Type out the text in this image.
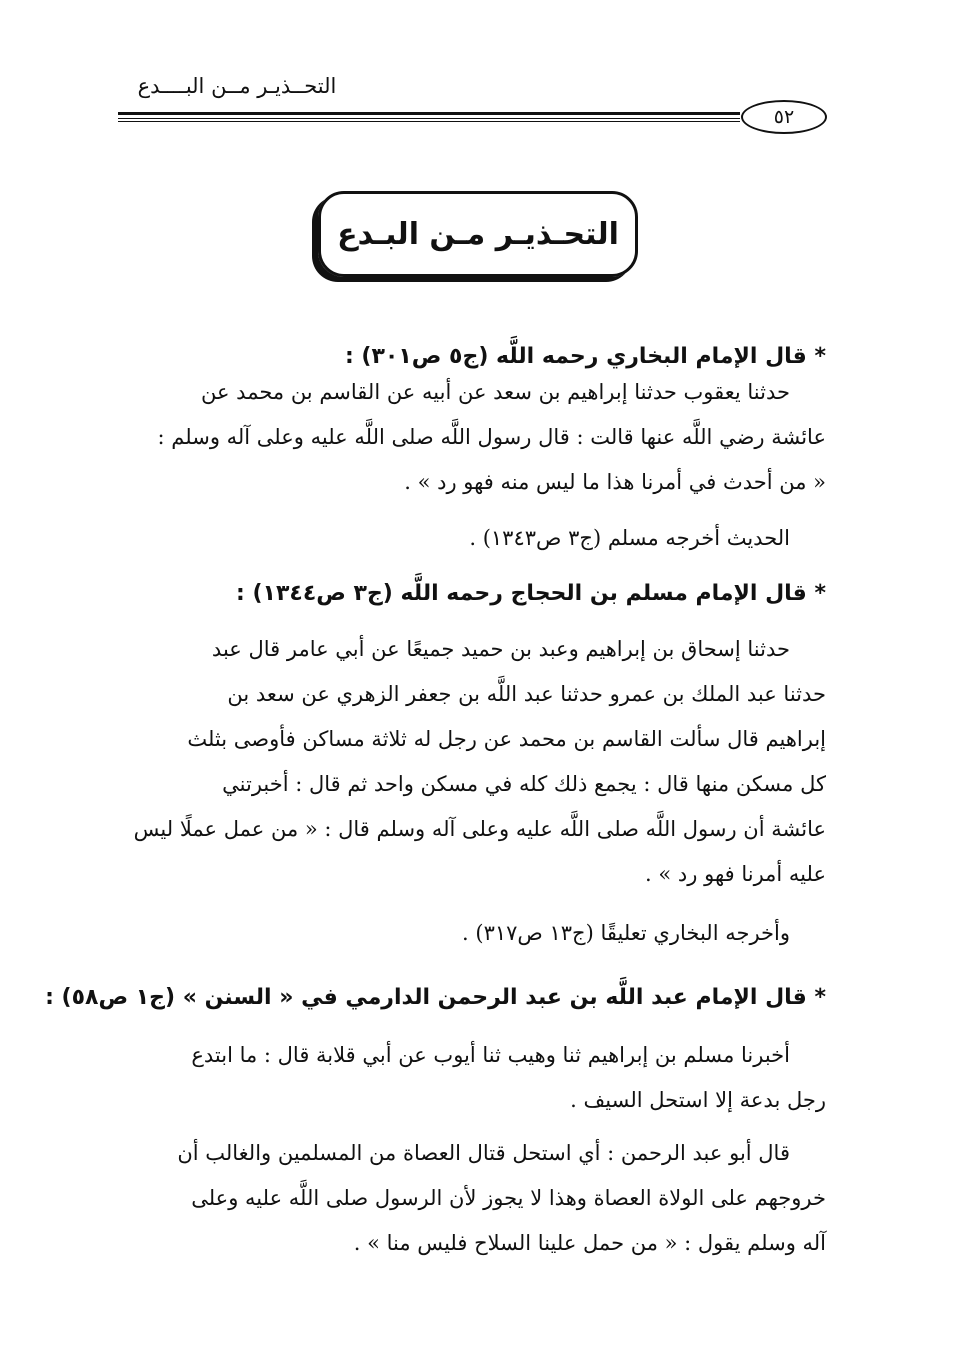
التحــذيـر مــن البــــدع
٥٢
التحـذيـر مـن البـدع
* قال الإمام البخاري رحمه اللَّه (ج٥ ص٣٠١) :
حدثنا يعقوب حدثنا إبراهيم بن سعد عن أبيه عن القاسم بن محمد عن
عائشة رضي اللَّه عنها قالت : قال رسول اللَّه صلى اللَّه عليه وعلى آله وسلم :
« من أحدث في أمرنا هذا ما ليس منه فهو رد » .
الحديث أخرجه مسلم (ج٣ ص١٣٤٣) .
* قال الإمام مسلم بن الحجاج رحمه اللَّه (ج٣ ص١٣٤٤) :
حدثنا إسحاق بن إبراهيم وعبد بن حميد جميعًا عن أبي عامر قال عبد
حدثنا عبد الملك بن عمرو حدثنا عبد اللَّه بن جعفر الزهري عن سعد بن
إبراهيم قال سألت القاسم بن محمد عن رجل له ثلاثة مساكن فأوصى بثلث
كل مسكن منها قال : يجمع ذلك كله في مسكن واحد ثم قال : أخبرتني
عائشة أن رسول اللَّه صلى اللَّه عليه وعلى آله وسلم قال : « من عمل عملًا ليس
عليه أمرنا فهو رد » .
وأخرجه البخاري تعليقًا (ج١٣ ص٣١٧) .
* قال الإمام عبد اللَّه بن عبد الرحمن الدارمي في « السنن » (ج١ ص٥٨) :
أخبرنا مسلم بن إبراهيم ثنا وهيب ثنا أيوب عن أبي قلابة قال : ما ابتدع
رجل بدعة إلا استحل السيف .
قال أبو عبد الرحمن : أي استحل قتال العصاة من المسلمين والغالب أن
خروجهم على الولاة العصاة وهذا لا يجوز لأن الرسول صلى اللَّه عليه وعلى
آله وسلم يقول : « من حمل علينا السلاح فليس منا » .
